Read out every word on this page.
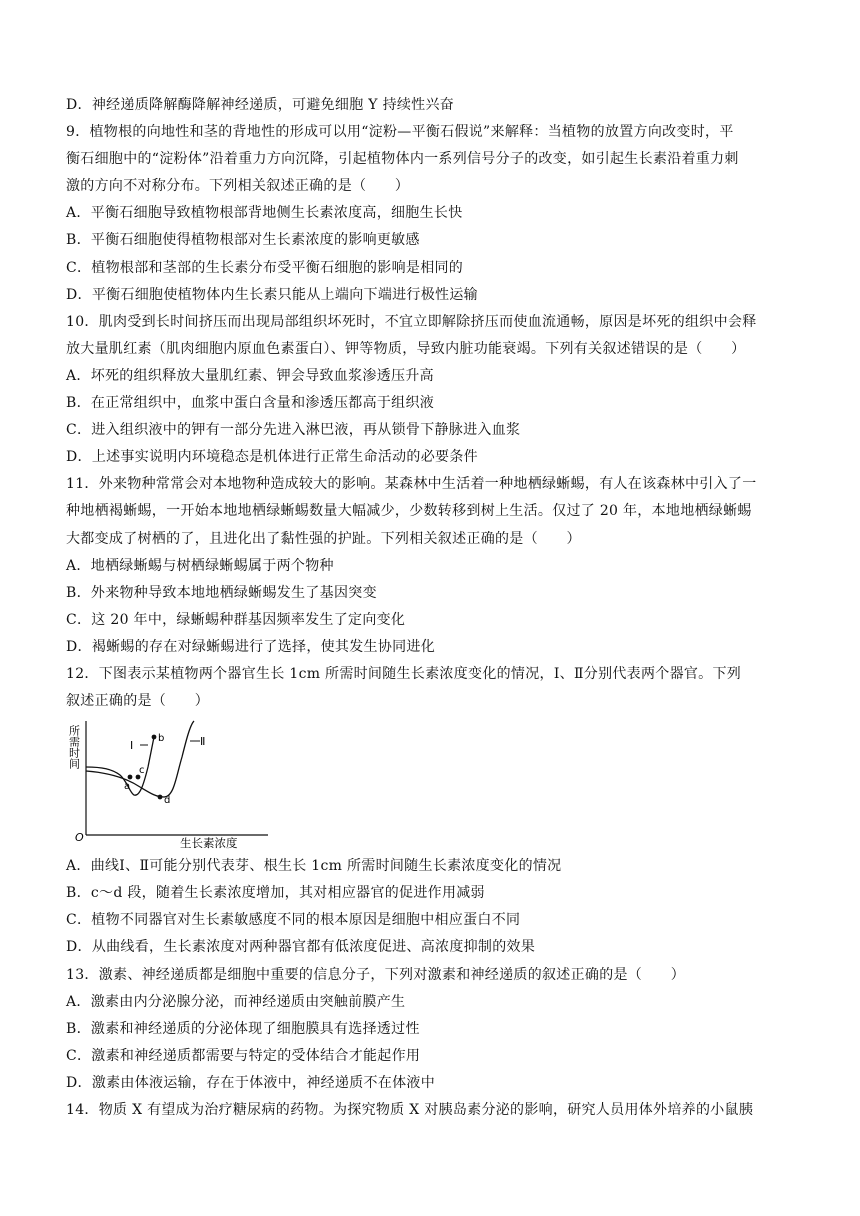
D．神经递质降解酶降解神经递质，可避免细胞 Y 持续性兴奋
9．植物根的向地性和茎的背地性的形成可以用“淀粉—平衡石假说”来解释：当植物的放置方向改变时，平
衡石细胞中的“淀粉体”沿着重力方向沉降，引起植物体内一系列信号分子的改变，如引起生长素沿着重力刺
激的方向不对称分布。下列相关叙述正确的是（　　）
A．平衡石细胞导致植物根部背地侧生长素浓度高，细胞生长快
B．平衡石细胞使得植物根部对生长素浓度的影响更敏感
C．植物根部和茎部的生长素分布受平衡石细胞的影响是相同的
D．平衡石细胞使植物体内生长素只能从上端向下端进行极性运输
10．肌肉受到长时间挤压而出现局部组织坏死时，不宜立即解除挤压而使血流通畅，原因是坏死的组织中会释
放大量肌红素（肌肉细胞内原血色素蛋白）、钾等物质，导致内脏功能衰竭。下列有关叙述错误的是（　　）
A．坏死的组织释放大量肌红素、钾会导致血浆渗透压升高
B．在正常组织中，血浆中蛋白含量和渗透压都高于组织液
C．进入组织液中的钾有一部分先进入淋巴液，再从锁骨下静脉进入血浆
D．上述事实说明内环境稳态是机体进行正常生命活动的必要条件
11．外来物种常常会对本地物种造成较大的影响。某森林中生活着一种地栖绿蜥蜴，有人在该森林中引入了一
种地栖褐蜥蜴，一开始本地地栖绿蜥蜴数量大幅减少，少数转移到树上生活。仅过了 20 年，本地地栖绿蜥蜴
大都变成了树栖的了，且进化出了黏性强的护趾。下列相关叙述正确的是（　　）
A．地栖绿蜥蜴与树栖绿蜥蜴属于两个物种
B．外来物种导致本地地栖绿蜥蜴发生了基因突变
C．这 20 年中，绿蜥蜴种群基因频率发生了定向变化
D．褐蜥蜴的存在对绿蜥蜴进行了选择，使其发生协同进化
12．下图表示某植物两个器官生长 1cm 所需时间随生长素浓度变化的情况，Ⅰ、Ⅱ分别代表两个器官。下列
叙述正确的是（　　）
所需时间
生长素浓度
O
Ⅰ	Ⅱ
a
b
c
d
A．曲线Ⅰ、Ⅱ可能分别代表芽、根生长 1cm 所需时间随生长素浓度变化的情况
B．c～d 段，随着生长素浓度增加，其对相应器官的促进作用减弱
C．植物不同器官对生长素敏感度不同的根本原因是细胞中相应蛋白不同
D．从曲线看，生长素浓度对两种器官都有低浓度促进、高浓度抑制的效果
13．激素、神经递质都是细胞中重要的信息分子，下列对激素和神经递质的叙述正确的是（　　）
A．激素由内分泌腺分泌，而神经递质由突触前膜产生
B．激素和神经递质的分泌体现了细胞膜具有选择透过性
C．激素和神经递质都需要与特定的受体结合才能起作用
D．激素由体液运输，存在于体液中，神经递质不在体液中
14．物质 X 有望成为治疗糖尿病的药物。为探究物质 X 对胰岛素分泌的影响，研究人员用体外培养的小鼠胰
